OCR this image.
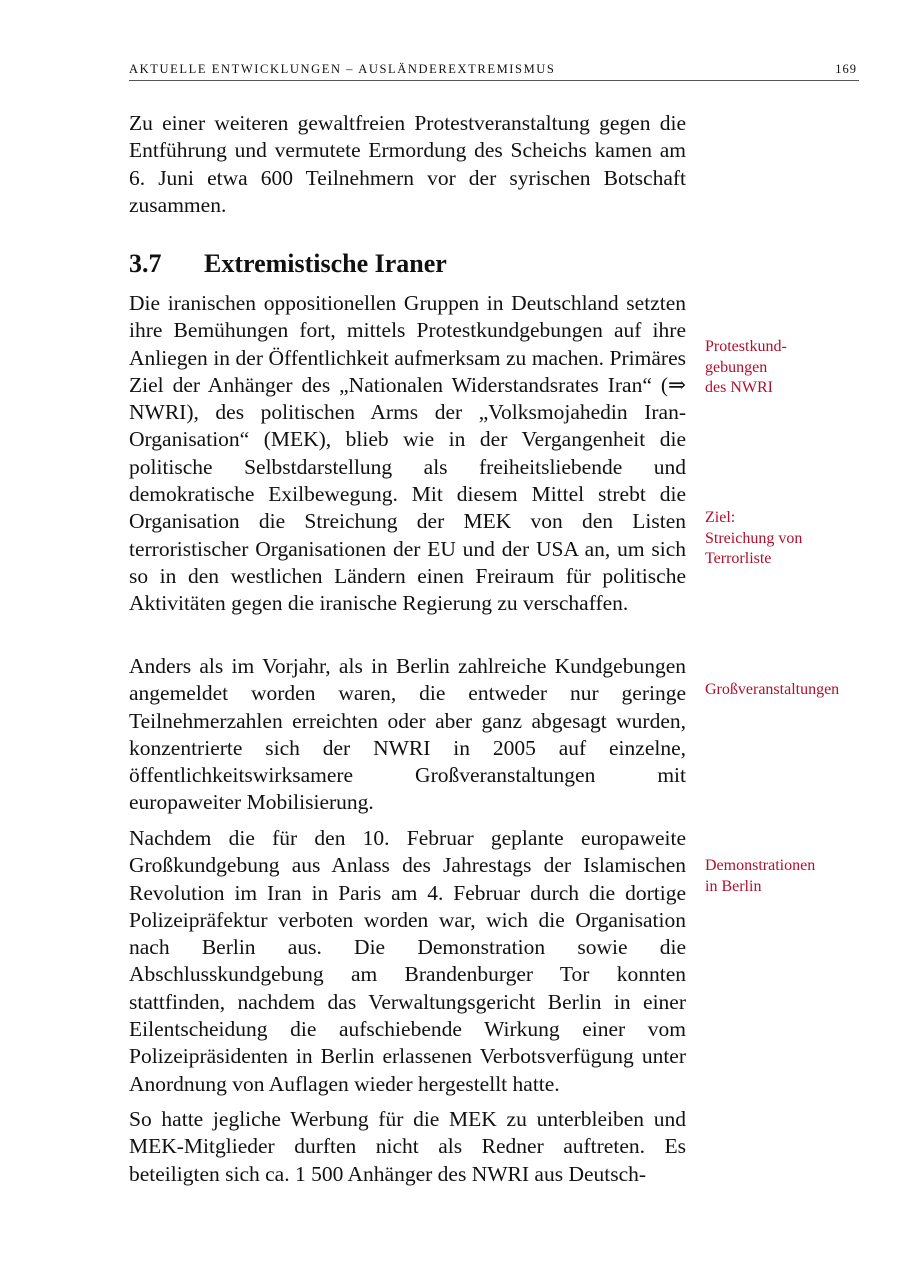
AKTUELLE ENTWICKLUNGEN – AUSLÄNDEREXTREMISMUS	169

Zu einer weiteren gewaltfreien Protestveranstaltung gegen die Entführung und vermutete Ermordung des Scheichs kamen am 6. Juni etwa 600 Teilnehmern vor der syrischen Botschaft zusammen.

3.7 Extremistische Iraner

Die iranischen oppositionellen Gruppen in Deutschland setzten ihre Bemühungen fort, mittels Protestkundgebungen auf ihre Anliegen in der Öffentlichkeit aufmerksam zu machen. Primäres Ziel der Anhänger des „Nationalen Widerstandsrates Iran“ (⇒ NWRI), des politischen Arms der „Volksmojahedin Iran-Organisation“ (MEK), blieb wie in der Vergangenheit die politische Selbstdarstellung als freiheitsliebende und demokratische Exilbewegung. Mit diesem Mittel strebt die Organisation die Streichung der MEK von den Listen terroristischer Organisationen der EU und der USA an, um sich so in den westlichen Ländern einen Freiraum für politische Aktivitäten gegen die iranische Regierung zu verschaffen.

Anders als im Vorjahr, als in Berlin zahlreiche Kundgebungen angemeldet worden waren, die entweder nur geringe Teilnehmerzahlen erreichten oder aber ganz abgesagt wurden, konzentrierte sich der NWRI in 2005 auf einzelne, öffentlichkeitswirksamere Großveranstaltungen mit europaweiter Mobilisierung.

Nachdem die für den 10. Februar geplante europaweite Großkundgebung aus Anlass des Jahrestags der Islamischen Revolution im Iran in Paris am 4. Februar durch die dortige Polizeipräfektur verboten worden war, wich die Organisation nach Berlin aus. Die Demonstration sowie die Abschlusskundgebung am Brandenburger Tor konnten stattfinden, nachdem das Verwaltungsgericht Berlin in einer Eilentscheidung die aufschiebende Wirkung einer vom Polizeipräsidenten in Berlin erlassenen Verbotsverfügung unter Anordnung von Auflagen wieder hergestellt hatte.

So hatte jegliche Werbung für die MEK zu unterbleiben und MEK-Mitglieder durften nicht als Redner auftreten. Es beteiligten sich ca. 1 500 Anhänger des NWRI aus Deutsch-

Protestkund-
gebungen
des NWRI
Ziel:
Streichung von
Terrorliste
Großveranstaltungen
Demonstrationen
in Berlin
